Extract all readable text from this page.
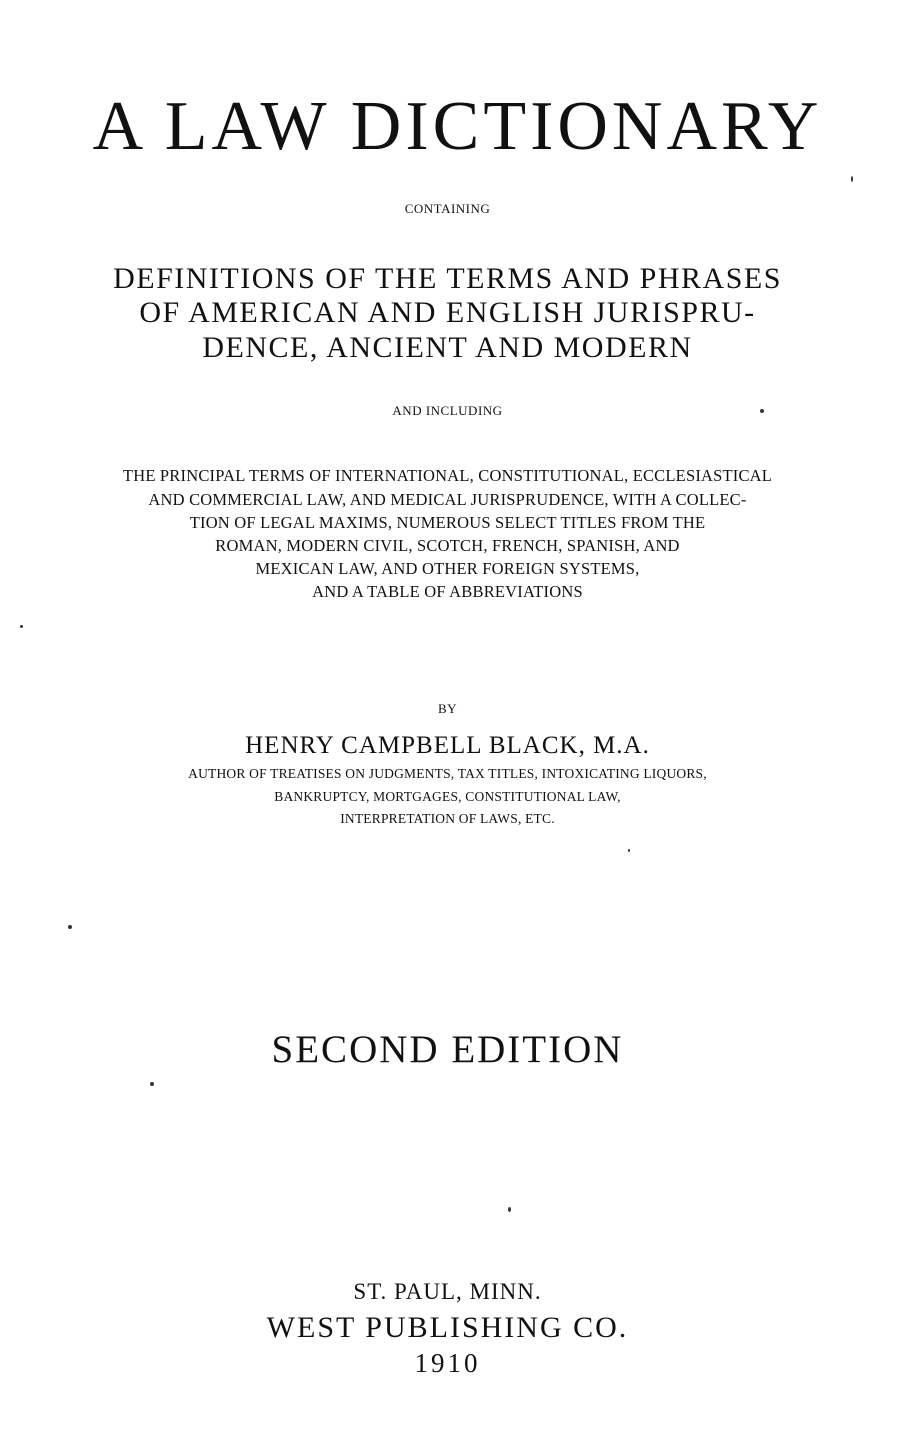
A LAW DICTIONARY
CONTAINING
DEFINITIONS OF THE TERMS AND PHRASES
OF AMERICAN AND ENGLISH JURISPRU-
DENCE, ANCIENT AND MODERN
AND INCLUDING
THE PRINCIPAL TERMS OF INTERNATIONAL, CONSTITUTIONAL, ECCLESIASTICAL
AND COMMERCIAL LAW, AND MEDICAL JURISPRUDENCE, WITH A COLLEC-
TION OF LEGAL MAXIMS, NUMEROUS SELECT TITLES FROM THE
ROMAN, MODERN CIVIL, SCOTCH, FRENCH, SPANISH, AND
MEXICAN LAW, AND OTHER FOREIGN SYSTEMS,
AND A TABLE OF ABBREVIATIONS
BY
HENRY CAMPBELL BLACK, M.A.
AUTHOR OF TREATISES ON JUDGMENTS, TAX TITLES, INTOXICATING LIQUORS,
BANKRUPTCY, MORTGAGES, CONSTITUTIONAL LAW,
INTERPRETATION OF LAWS, ETC.
SECOND EDITION
ST. PAUL, MINN.
WEST PUBLISHING CO.
1910
